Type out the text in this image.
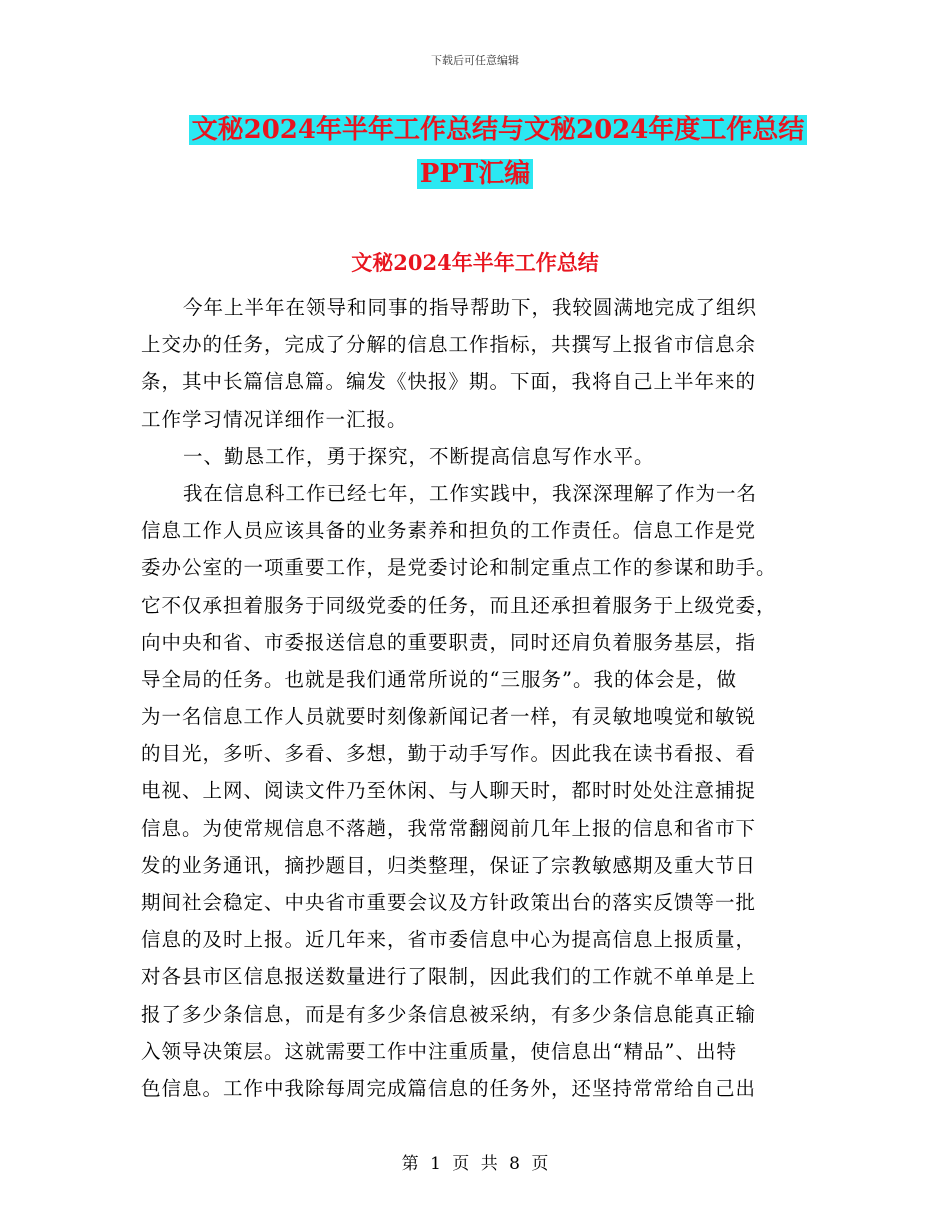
下载后可任意编辑
文秘2024年半年工作总结与文秘2024年度工作总结
PPT汇编
文秘2024年半年工作总结
今年上半年在领导和同事的指导帮助下，我较圆满地完成了组织
上交办的任务，完成了分解的信息工作指标，共撰写上报省市信息余
条，其中长篇信息篇。编发《快报》期。下面，我将自己上半年来的
工作学习情况详细作一汇报。
一、勤恳工作，勇于探究，不断提高信息写作水平。
我在信息科工作已经七年，工作实践中，我深深理解了作为一名
信息工作人员应该具备的业务素养和担负的工作责任。信息工作是党
委办公室的一项重要工作，是党委讨论和制定重点工作的参谋和助手。
它不仅承担着服务于同级党委的任务，而且还承担着服务于上级党委，
向中央和省、市委报送信息的重要职责，同时还肩负着服务基层，指
导全局的任务。也就是我们通常所说的“三服务”。我的体会是，做
为一名信息工作人员就要时刻像新闻记者一样，有灵敏地嗅觉和敏锐
的目光，多听、多看、多想，勤于动手写作。因此我在读书看报、看
电视、上网、阅读文件乃至休闲、与人聊天时，都时时处处注意捕捉
信息。为使常规信息不落趟，我常常翻阅前几年上报的信息和省市下
发的业务通讯，摘抄题目，归类整理，保证了宗教敏感期及重大节日
期间社会稳定、中央省市重要会议及方针政策出台的落实反馈等一批
信息的及时上报。近几年来，省市委信息中心为提高信息上报质量，
对各县市区信息报送数量进行了限制，因此我们的工作就不单单是上
报了多少条信息，而是有多少条信息被采纳，有多少条信息能真正输
入领导决策层。这就需要工作中注重质量，使信息出“精品”、出特
色信息。工作中我除每周完成篇信息的任务外，还坚持常常给自己出
第 1 页 共 8 页
